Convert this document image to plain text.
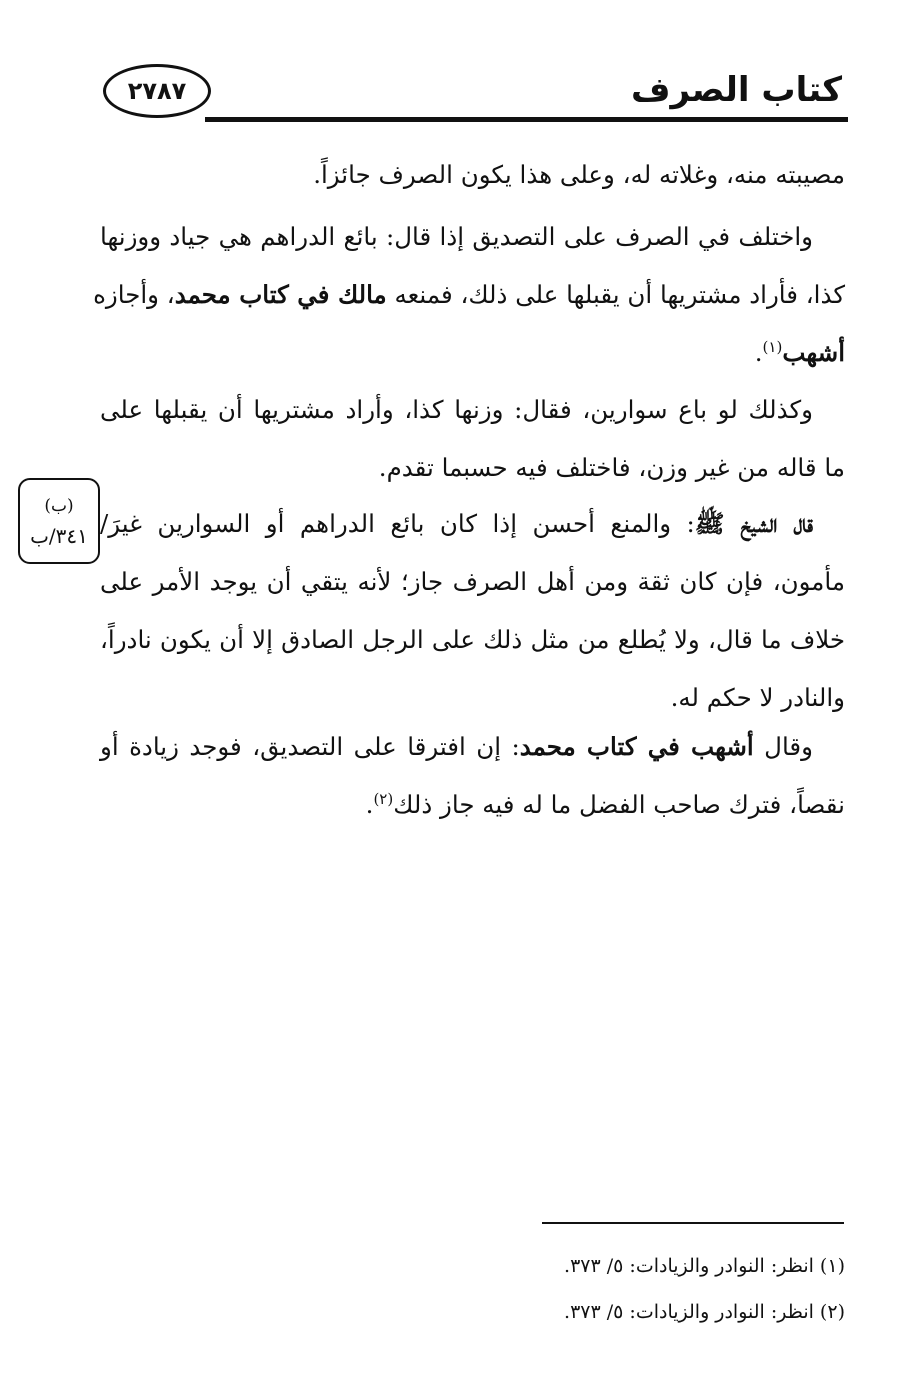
كتاب الصرف
٢٧٨٧
مصيبته منه، وغلاته له، وعلى هذا يكون الصرف جائزاً.
واختلف في الصرف على التصديق إذا قال: بائع الدراهم هي جياد ووزنها
كذا، فأراد مشتريها أن يقبلها على ذلك، فمنعه مالك في كتاب محمد، وأجازه
أشهب$^{(١)}$.
وكذلك لو باع سوارين، فقال: وزنها كذا، وأراد مشتريها أن يقبلها على
ما قاله من غير وزن، فاختلف فيه حسبما تقدم.
(ب)
٣٤١/ب	قال الشيخ ﷺ: والمنع أحسن إذا كان بائع الدراهم أو السوارين غيرَ/
مأمون، فإن كان ثقة ومن أهل الصرف جاز؛ لأنه يتقي أن يوجد الأمر على
خلاف ما قال، ولا يُطلع من مثل ذلك على الرجل الصادق إلا أن يكون نادراً،
والنادر لا حكم له.
وقال أشهب في كتاب محمد: إن افترقا على التصديق، فوجد زيادة أو
نقصاً، فترك صاحب الفضل ما له فيه جاز ذلك$^{(٢)}$.
(١) انظر: النوادر والزيادات: ٥/ ٣٧٣.
(٢) انظر: النوادر والزيادات: ٥/ ٣٧٣.
